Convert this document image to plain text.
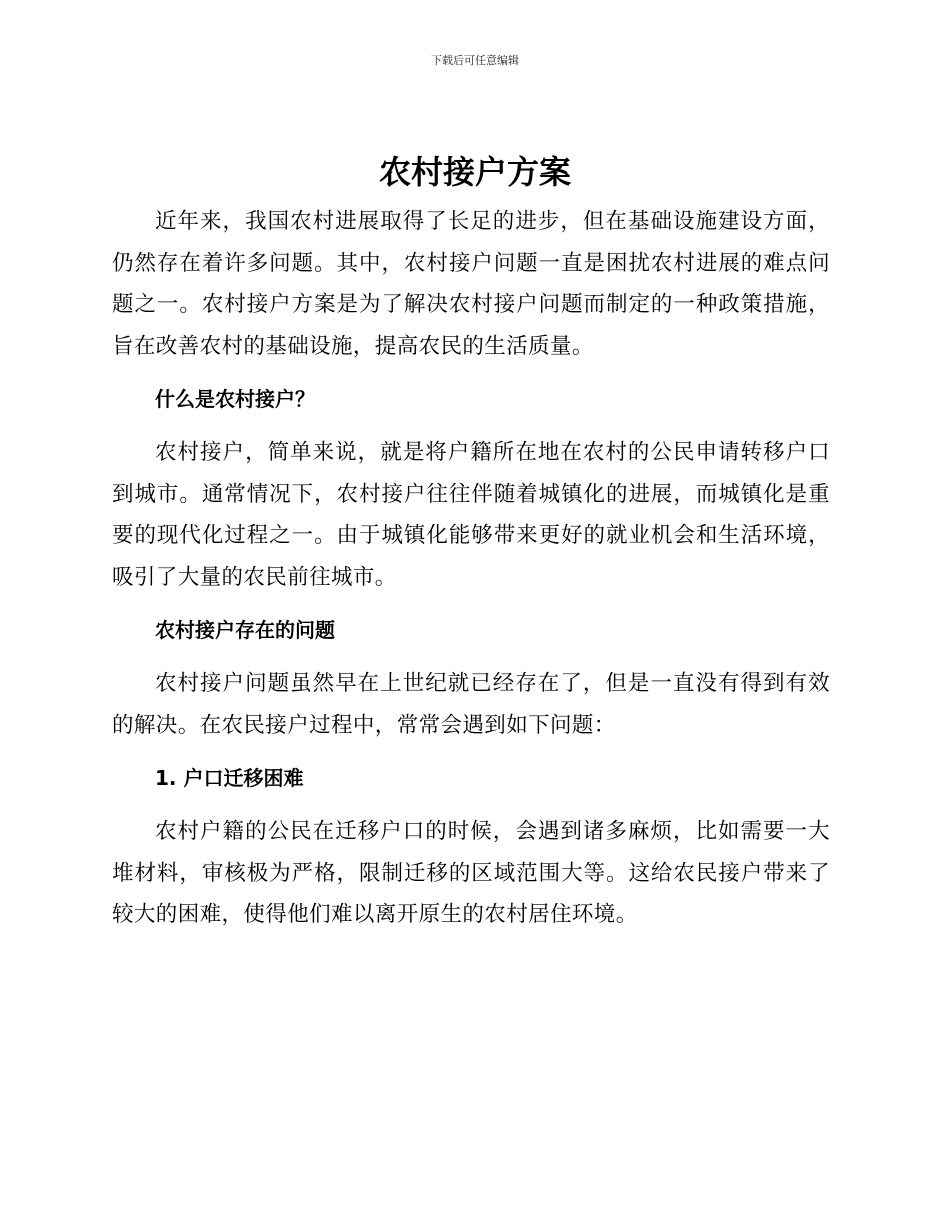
下载后可任意编辑
农村接户方案

近年来，我国农村进展取得了长足的进步，但在基础设施建设方面，仍然存在着许多问题。其中，农村接户问题一直是困扰农村进展的难点问题之一。农村接户方案是为了解决农村接户问题而制定的一种政策措施，旨在改善农村的基础设施，提高农民的生活质量。

什么是农村接户？

农村接户，简单来说，就是将户籍所在地在农村的公民申请转移户口到城市。通常情况下，农村接户往往伴随着城镇化的进展，而城镇化是重要的现代化过程之一。由于城镇化能够带来更好的就业机会和生活环境，吸引了大量的农民前往城市。

农村接户存在的问题

农村接户问题虽然早在上世纪就已经存在了，但是一直没有得到有效的解决。在农民接户过程中，常常会遇到如下问题：

1. 户口迁移困难

农村户籍的公民在迁移户口的时候，会遇到诸多麻烦，比如需要一大堆材料，审核极为严格，限制迁移的区域范围大等。这给农民接户带来了较大的困难，使得他们难以离开原生的农村居住环境。
